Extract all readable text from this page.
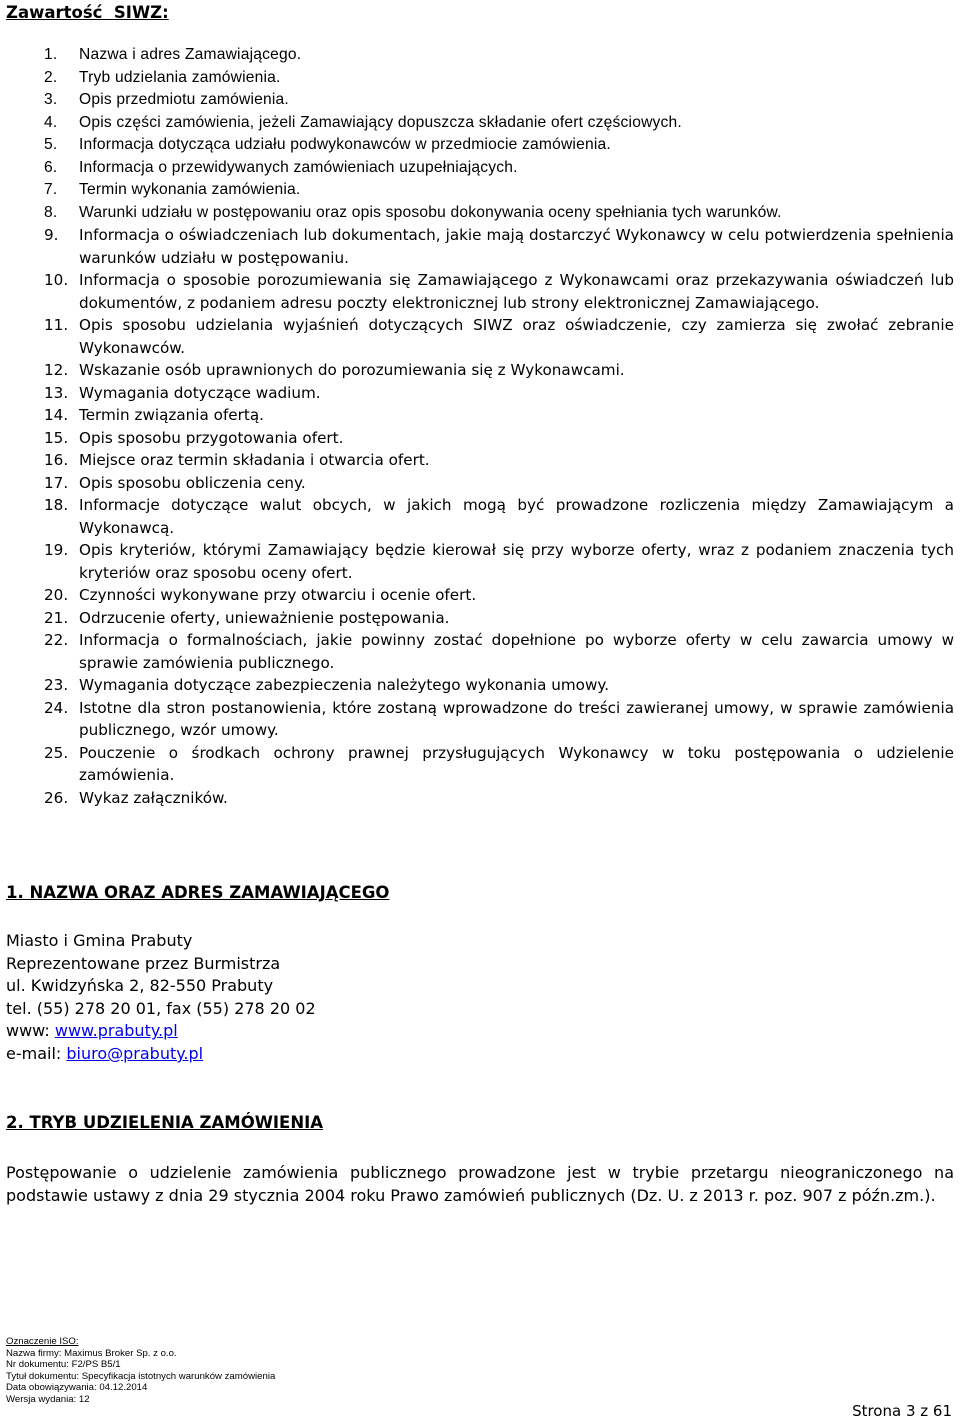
Zawartość  SIWZ:
1. Nazwa i adres Zamawiającego.
2. Tryb udzielania zamówienia.
3. Opis przedmiotu zamówienia.
4. Opis części zamówienia, jeżeli Zamawiający dopuszcza składanie ofert częściowych.
5. Informacja dotycząca udziału podwykonawców w przedmiocie zamówienia.
6. Informacja o przewidywanych zamówieniach uzupełniających.
7. Termin wykonania zamówienia.
8. Warunki udziału w postępowaniu oraz opis sposobu dokonywania oceny spełniania tych warunków.
9. Informacja o oświadczeniach lub dokumentach, jakie mają dostarczyć Wykonawcy w celu potwierdzenia spełnienia warunków udziału w postępowaniu.
10. Informacja o sposobie porozumiewania się Zamawiającego z Wykonawcami oraz przekazywania oświadczeń lub dokumentów, z podaniem adresu poczty elektronicznej lub strony elektronicznej Zamawiającego.
11. Opis sposobu udzielania wyjaśnień dotyczących SIWZ oraz oświadczenie, czy zamierza się zwołać zebranie Wykonawców.
12. Wskazanie osób uprawnionych do porozumiewania się z Wykonawcami.
13. Wymagania dotyczące wadium.
14. Termin związania ofertą.
15. Opis sposobu przygotowania ofert.
16. Miejsce oraz termin składania i otwarcia ofert.
17. Opis sposobu obliczenia ceny.
18. Informacje dotyczące walut obcych, w jakich mogą być prowadzone rozliczenia między Zamawiającym a Wykonawcą.
19. Opis kryteriów, którymi Zamawiający będzie kierował się przy wyborze oferty, wraz z podaniem znaczenia tych kryteriów oraz sposobu oceny ofert.
20. Czynności wykonywane przy otwarciu i ocenie ofert.
21. Odrzucenie oferty, unieważnienie postępowania.
22. Informacja o formalnościach, jakie powinny zostać dopełnione po wyborze oferty w celu zawarcia umowy w sprawie zamówienia publicznego.
23. Wymagania dotyczące zabezpieczenia należytego wykonania umowy.
24. Istotne dla stron postanowienia, które zostaną wprowadzone do treści zawieranej umowy, w sprawie zamówienia publicznego, wzór umowy.
25. Pouczenie o środkach ochrony prawnej przysługujących Wykonawcy w toku postępowania o udzielenie zamówienia.
26. Wykaz załączników.
1. NAZWA ORAZ ADRES ZAMAWIAJĄCEGO
Miasto i Gmina Prabuty
Reprezentowane przez Burmistrza
ul. Kwidzyńska 2, 82-550 Prabuty
tel. (55) 278 20 01, fax (55) 278 20 02
www: www.prabuty.pl
e-mail: biuro@prabuty.pl
2. TRYB UDZIELENIA ZAMÓWIENIA
Postępowanie o udzielenie zamówienia publicznego prowadzone jest w trybie przetargu nieograniczonego na podstawie ustawy z dnia 29 stycznia 2004 roku Prawo zamówień publicznych (Dz. U. z 2013 r. poz. 907 z późn.zm.).
Oznaczenie ISO:
Nazwa firmy: Maximus Broker Sp. z o.o.
Nr dokumentu: F2/PS B5/1
Tytuł dokumentu: Specyfikacja istotnych warunków zamówienia
Data obowiązywania: 04.12.2014
Wersja wydania: 12
Strona 3 z 61
